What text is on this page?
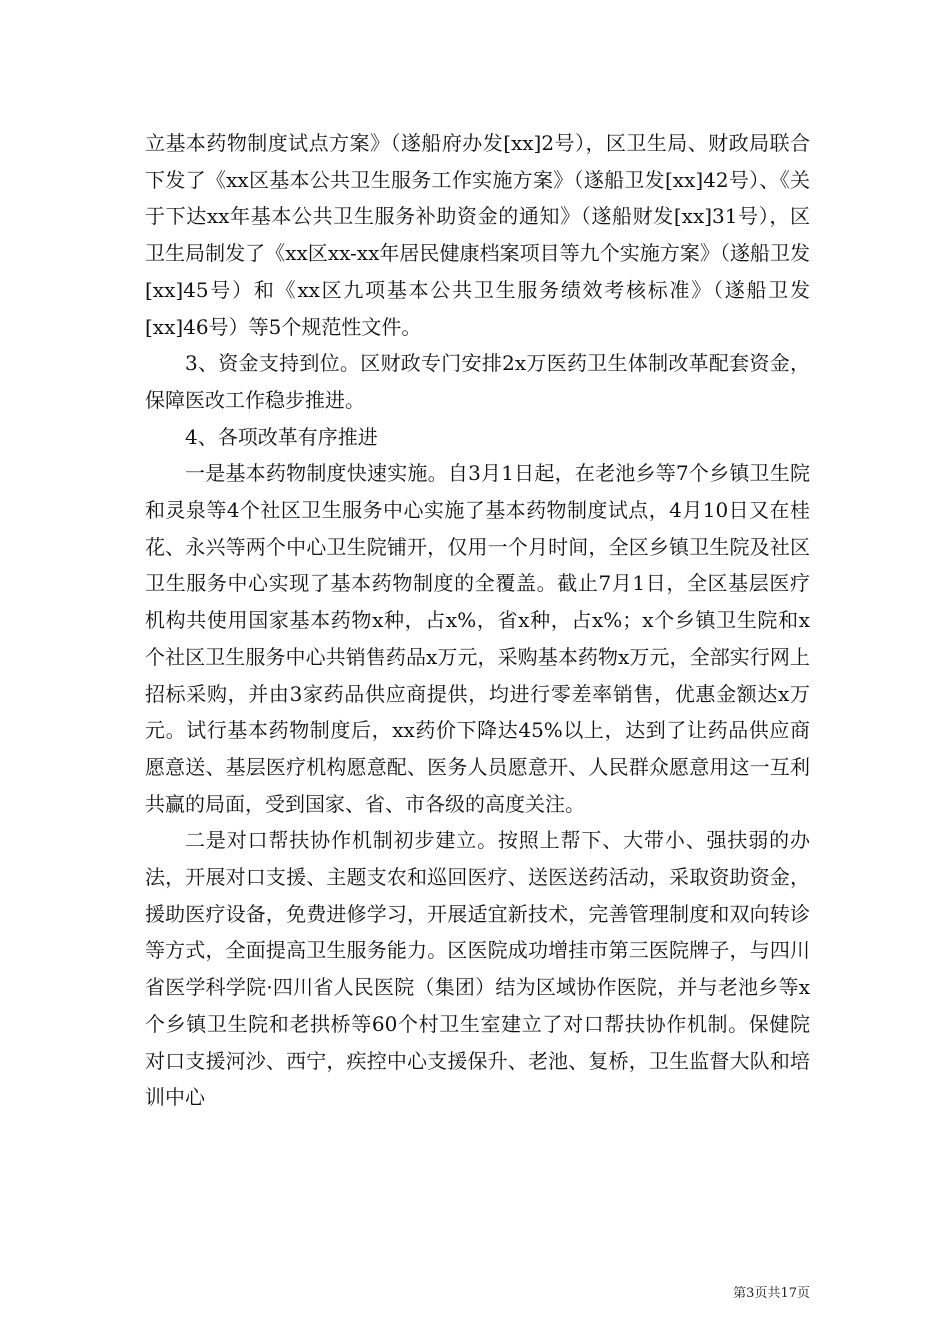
立基本药物制度试点方案》（遂船府办发[xx]2号），区卫生局、财政局联合下发了《xx区基本公共卫生服务工作实施方案》（遂船卫发[xx]42号）、《关于下达xx年基本公共卫生服务补助资金的通知》（遂船财发[xx]31号），区卫生局制发了《xx区xx-xx年居民健康档案项目等九个实施方案》（遂船卫发[xx]45号）和《xx区九项基本公共卫生服务绩效考核标准》（遂船卫发[xx]46号）等5个规范性文件。

3、资金支持到位。区财政专门安排2x万医药卫生体制改革配套资金，保障医改工作稳步推进。

4、各项改革有序推进

一是基本药物制度快速实施。自3月1日起，在老池乡等7个乡镇卫生院和灵泉等4个社区卫生服务中心实施了基本药物制度试点，4月10日又在桂花、永兴等两个中心卫生院铺开，仅用一个月时间，全区乡镇卫生院及社区卫生服务中心实现了基本药物制度的全覆盖。截止7月1日，全区基层医疗机构共使用国家基本药物x种，占x%，省x种，占x%；x个乡镇卫生院和x个社区卫生服务中心共销售药品x万元，采购基本药物x万元，全部实行网上招标采购，并由3家药品供应商提供，均进行零差率销售，优惠金额达x万元。试行基本药物制度后，xx药价下降达45%以上，达到了让药品供应商愿意送、基层医疗机构愿意配、医务人员愿意开、人民群众愿意用这一互利共赢的局面，受到国家、省、市各级的高度关注。

二是对口帮扶协作机制初步建立。按照上帮下、大带小、强扶弱的办法，开展对口支援、主题支农和巡回医疗、送医送药活动，采取资助资金，援助医疗设备，免费进修学习，开展适宜新技术，完善管理制度和双向转诊等方式，全面提高卫生服务能力。区医院成功增挂市第三医院牌子，与四川省医学科学院·四川省人民医院（集团）结为区域协作医院，并与老池乡等x个乡镇卫生院和老拱桥等60个村卫生室建立了对口帮扶协作机制。保健院对口支援河沙、西宁，疾控中心支援保升、老池、复桥，卫生监督大队和培训中心

第3页共17页
